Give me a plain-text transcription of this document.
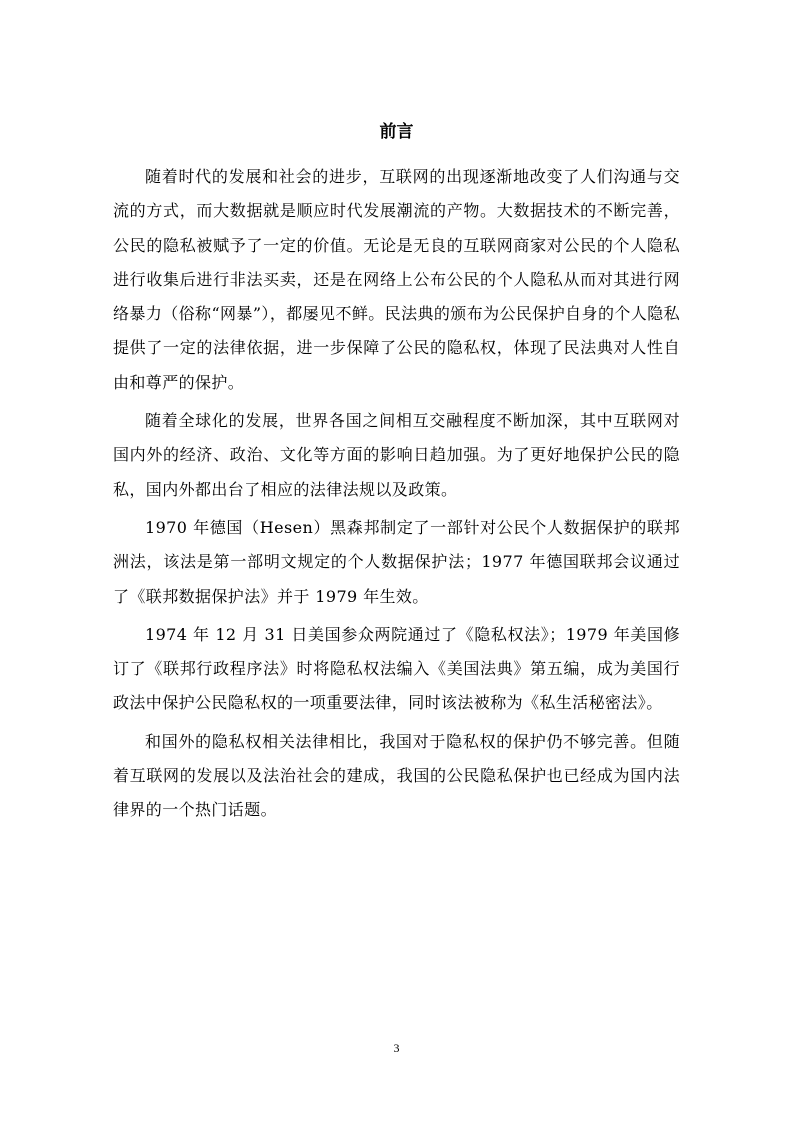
前言

随着时代的发展和社会的进步，互联网的出现逐渐地改变了人们沟通与交流的方式，而大数据就是顺应时代发展潮流的产物。大数据技术的不断完善，公民的隐私被赋予了一定的价值。无论是无良的互联网商家对公民的个人隐私进行收集后进行非法买卖，还是在网络上公布公民的个人隐私从而对其进行网络暴力（俗称“网暴”），都屡见不鲜。民法典的颁布为公民保护自身的个人隐私提供了一定的法律依据，进一步保障了公民的隐私权，体现了民法典对人性自由和尊严的保护。

随着全球化的发展，世界各国之间相互交融程度不断加深，其中互联网对国内外的经济、政治、文化等方面的影响日趋加强。为了更好地保护公民的隐私，国内外都出台了相应的法律法规以及政策。

1970 年德国（Hesen）黑森邦制定了一部针对公民个人数据保护的联邦洲法，该法是第一部明文规定的个人数据保护法；1977 年德国联邦会议通过了《联邦数据保护法》并于 1979 年生效。

1974 年 12 月 31 日美国参众两院通过了《隐私权法》；1979 年美国修订了《联邦行政程序法》时将隐私权法编入《美国法典》第五编，成为美国行政法中保护公民隐私权的一项重要法律，同时该法被称为《私生活秘密法》。

和国外的隐私权相关法律相比，我国对于隐私权的保护仍不够完善。但随着互联网的发展以及法治社会的建成，我国的公民隐私保护也已经成为国内法律界的一个热门话题。

3
